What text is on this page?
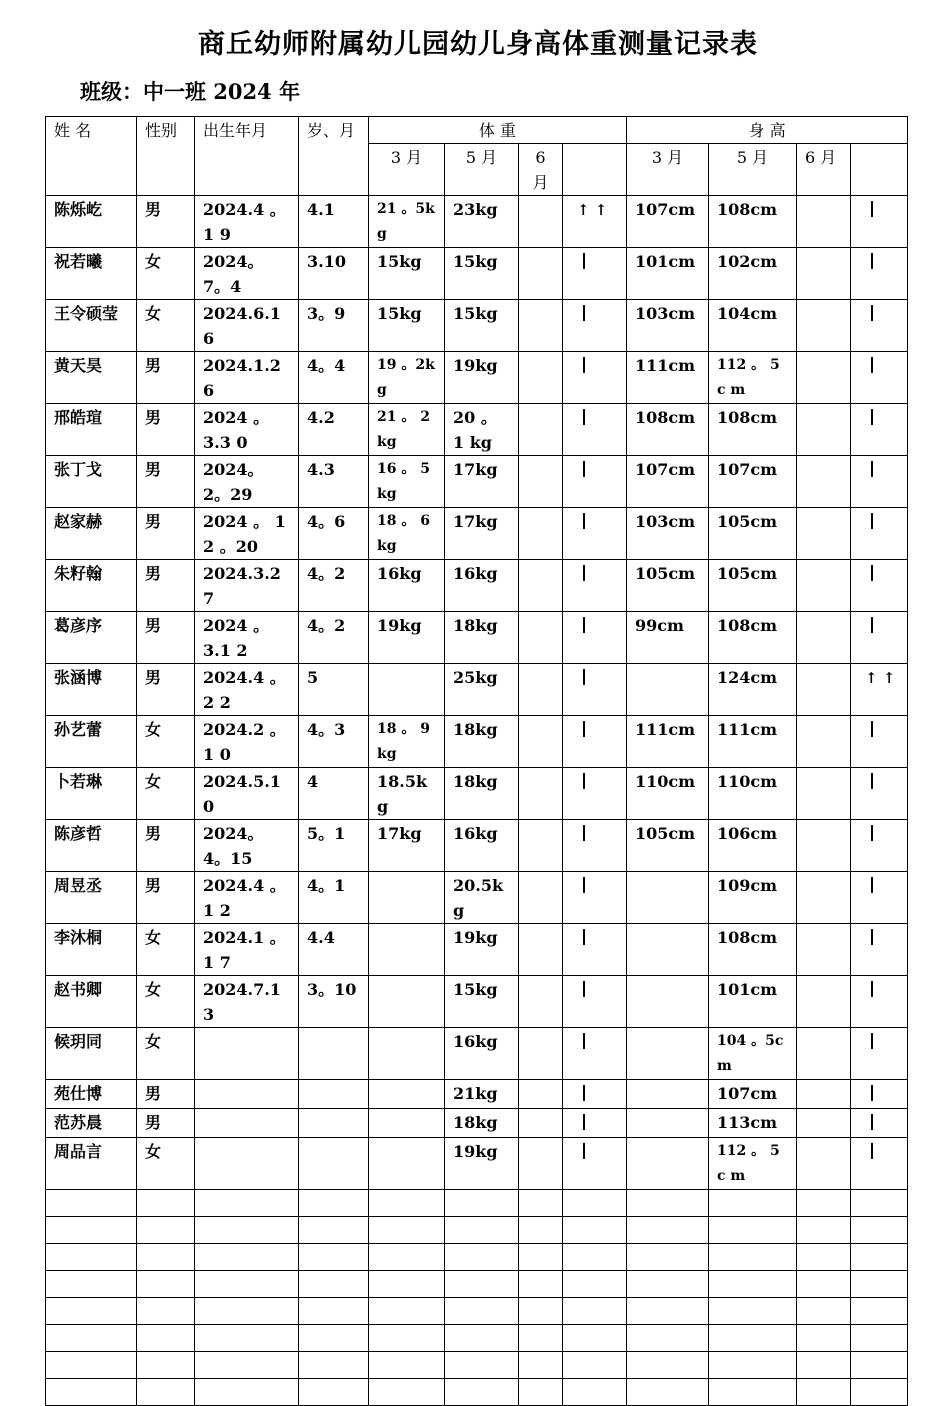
商丘幼师附属幼儿园幼儿身高体重测量记录表
班级：中一班 2024 年
姓 名	性别	出生年月	岁、月	体 重				身 高			
				3 月	5 月	6 月		3 月	5 月	6 月	
陈烁屹	男	2024.4 。1 9	4.1	21 。5k g	23kg		↑ ↑	107cm	108cm		
祝若曦	女	2024。7。4	3.10	15kg	15kg			101cm	102cm		
王令硕莹	女	2024.6.16	3。9	15kg	15kg			103cm	104cm		
黄天昊	男	2024.1.26	4。4	19 。2k g	19kg			111cm	112 。 5c m		
邢皓瑄	男	2024 。 3.3 0	4.2	21 。 2 kg	20 。 1 kg			108cm	108cm		
张丁戈	男	2024。2。29	4.3	16 。 5 kg	17kg			107cm	107cm		
赵家赫	男	2024 。 12 。20	4。6	18 。 6 kg	17kg			103cm	105cm		
朱籽翰	男	2024.3.27	4。2	16kg	16kg			105cm	105cm		
葛彦序	男	2024 。 3.1 2	4。2	19kg	18kg			99cm	108cm		
张涵博	男	2024.4 。 2 2	5		25kg				124cm		↑ ↑
孙艺蕾	女	2024.2 。1 0	4。3	18 。 9 kg	18kg			111cm	111cm		
卜若琳	女	2024.5.10	4	18.5kg	18kg			110cm	110cm		
陈彦哲	男	2024。4。15	5。1	17kg	16kg			105cm	106cm		
周昱丞	男	2024.4 。1 2	4。1		20.5kg				109cm		
李沐桐	女	2024.1 。1 7	4.4		19kg				108cm		
赵书卿	女	2024.7.13	3。10		15kg				101cm		
候玥同	女				16kg				104 。5c m		
苑仕博	男				21kg				107cm		
范苏晨	男				18kg				113cm		
周品言	女				19kg				112 。 5c m		
